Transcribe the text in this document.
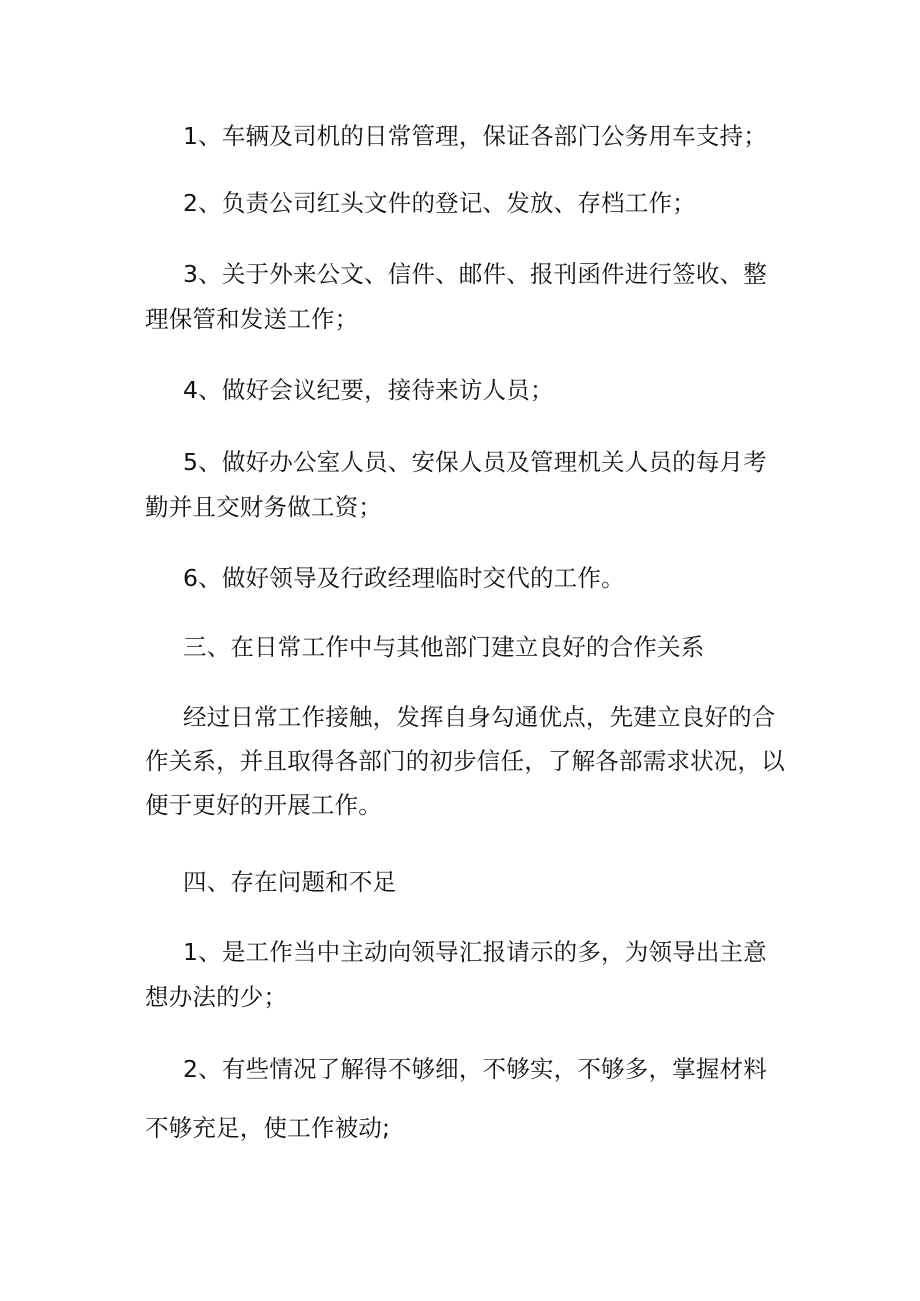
1、车辆及司机的日常管理，保证各部门公务用车支持；

2、负责公司红头文件的登记、发放、存档工作；

3、关于外来公文、信件、邮件、报刊函件进行签收、整理保管和发送工作；

4、做好会议纪要，接待来访人员；

5、做好办公室人员、安保人员及管理机关人员的每月考勤并且交财务做工资；

6、做好领导及行政经理临时交代的工作。

三、在日常工作中与其他部门建立良好的合作关系

经过日常工作接触，发挥自身勾通优点，先建立良好的合作关系，并且取得各部门的初步信任，了解各部需求状况，以便于更好的开展工作。

四、存在问题和不足

1、是工作当中主动向领导汇报请示的多，为领导出主意想办法的少；

2、有些情况了解得不够细，不够实，不够多，掌握材料不够充足，使工作被动;
